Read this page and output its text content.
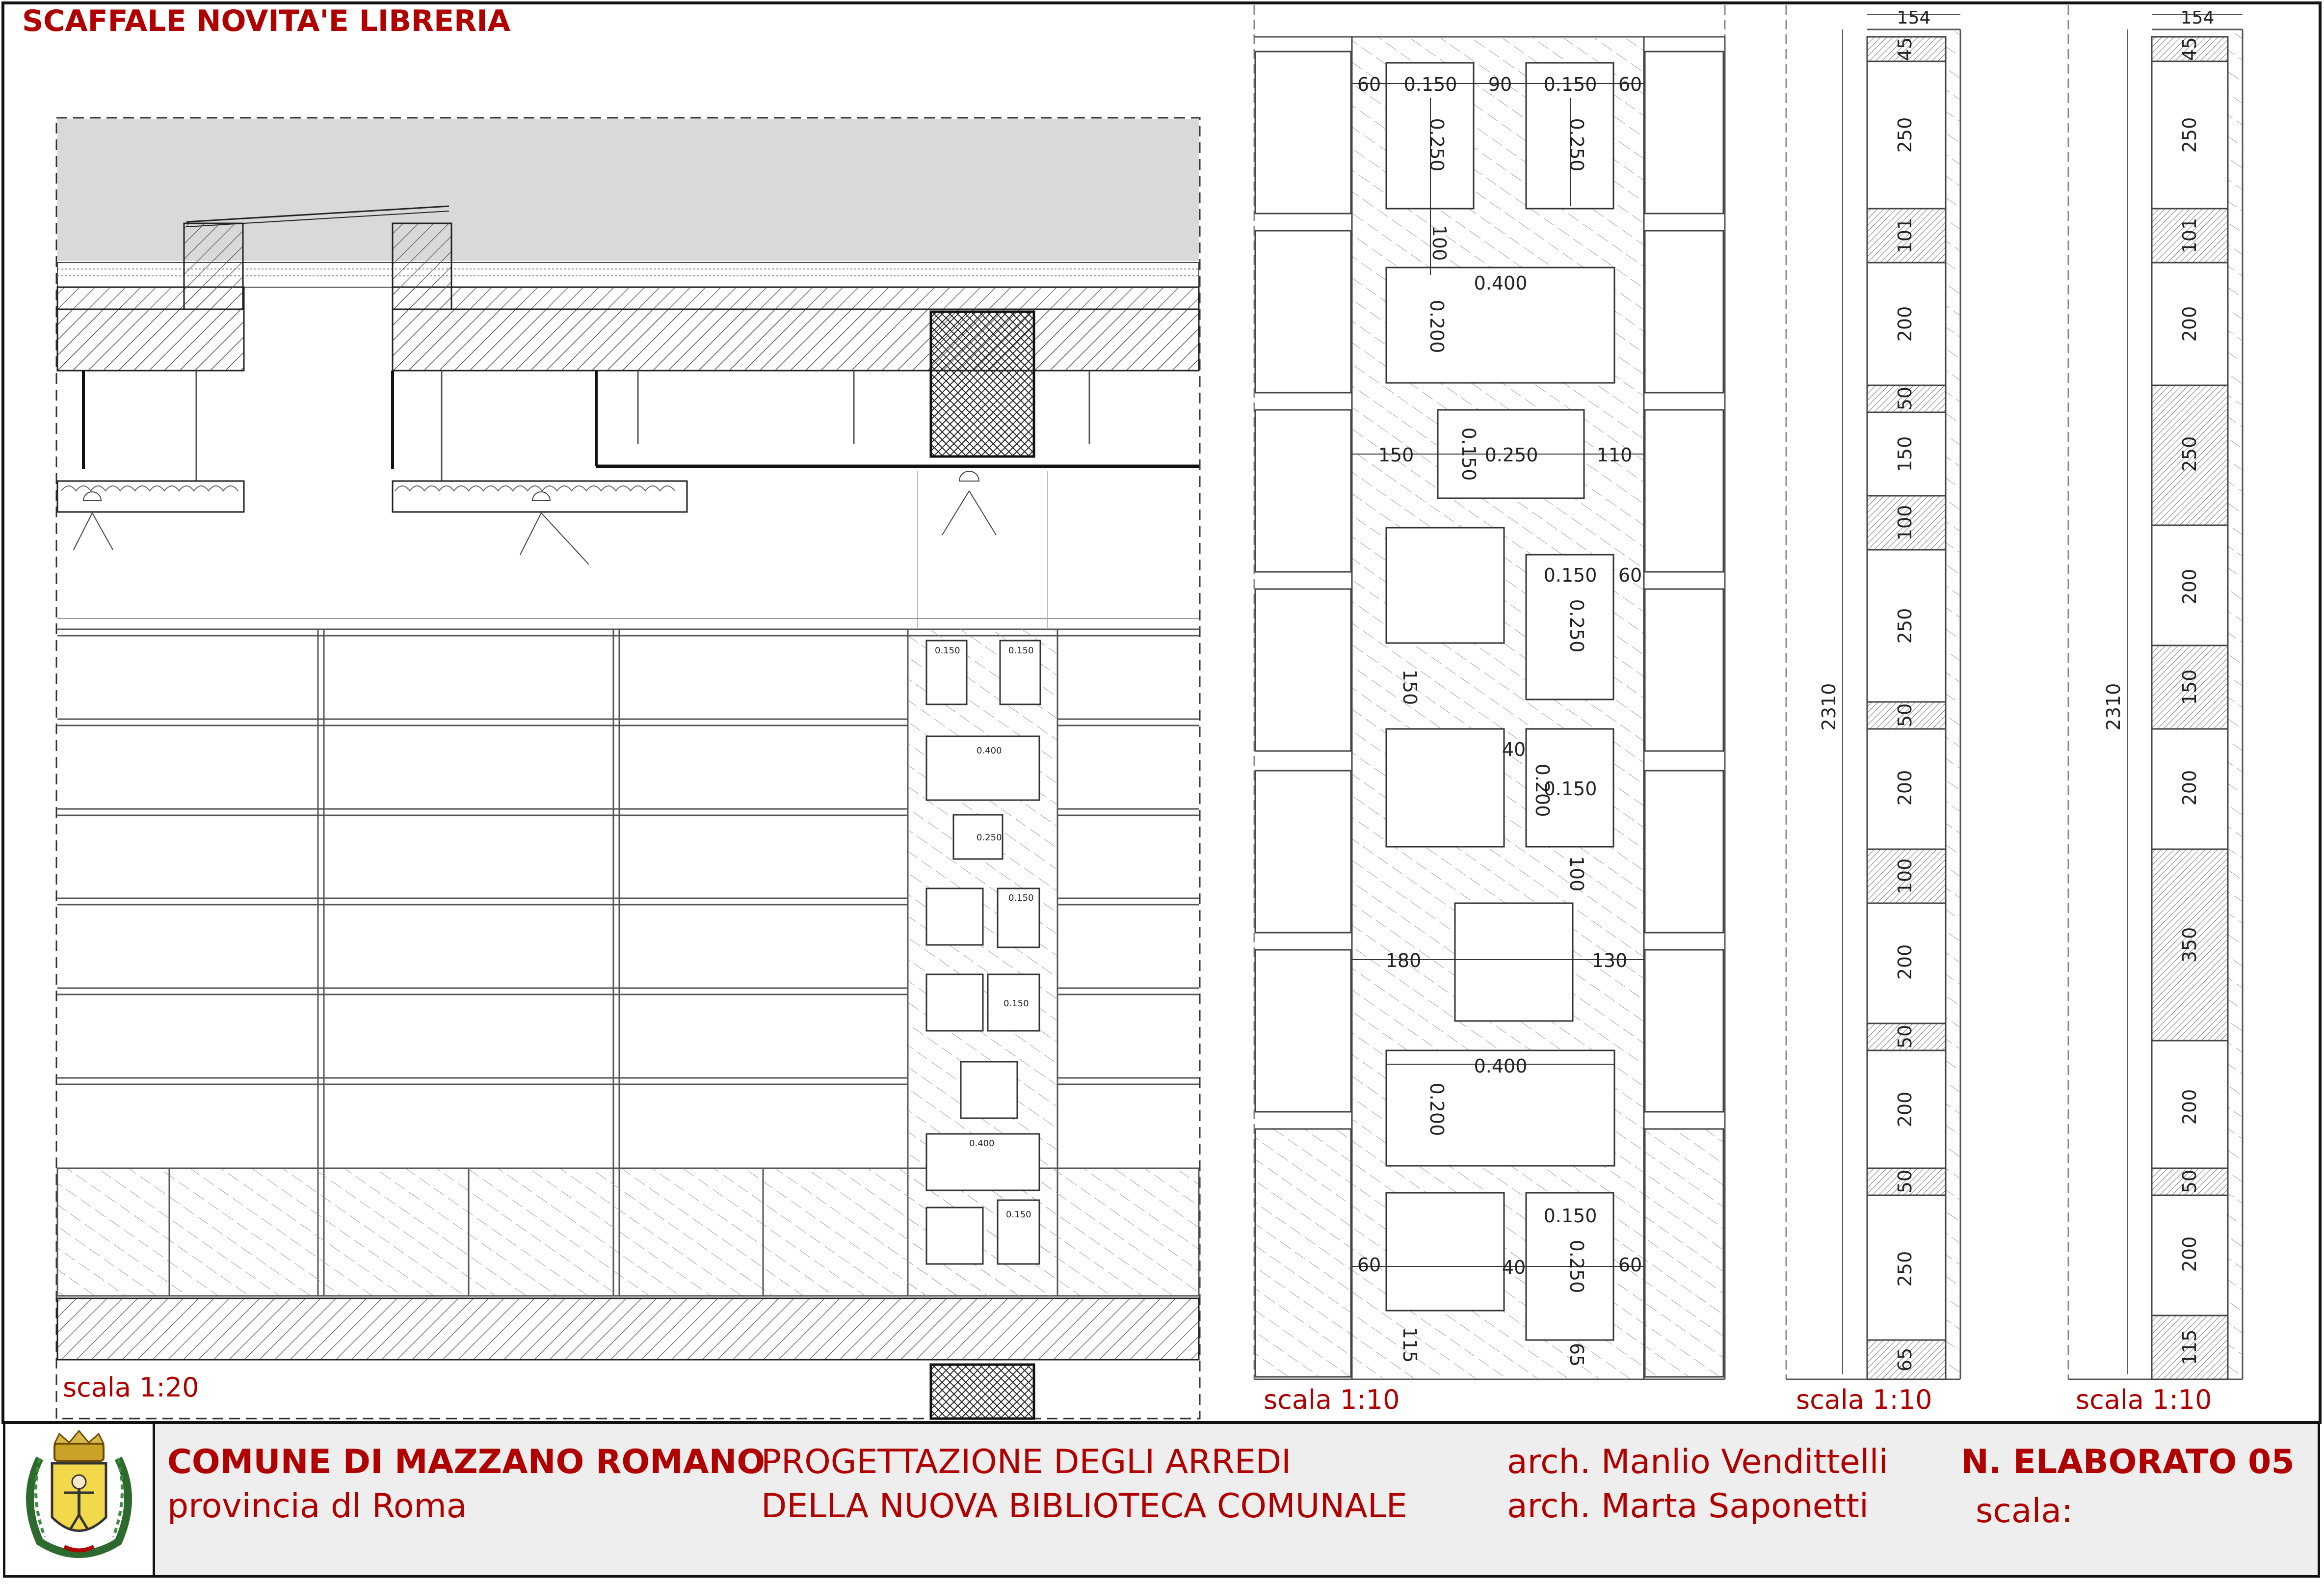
0.150	0.150
0.400
0.250
0.150
0.150
0.400
0.150
60 0.150 90 0.150 60
0.400
150	0.250	110
0.150 60
40
0.150
180	130
0.400
0.150
60	40	60
0.250	0.250
100
0.200
0.150
0.250
150
0.200
100
0.200
0.250
115	65
154
2310
45
250
101
200
50
150
100
250
50
200
100
200
50
200
50
250
65
154
2310
45
250
101
200
250
200
150
200
350
200
50
200
115
SCAFFALE NOVITA'E LIBRERIA
scala 1:20	scala 1:10	scala 1:10	scala 1:10
COMUNE DI MAZZANO ROMANO
provincia dl Roma
PROGETTAZIONE DEGLI ARREDI
DELLA NUOVA BIBLIOTECA COMUNALE
arch. Manlio Vendittelli
arch. Marta Saponetti
N. ELABORATO 05
scala:
